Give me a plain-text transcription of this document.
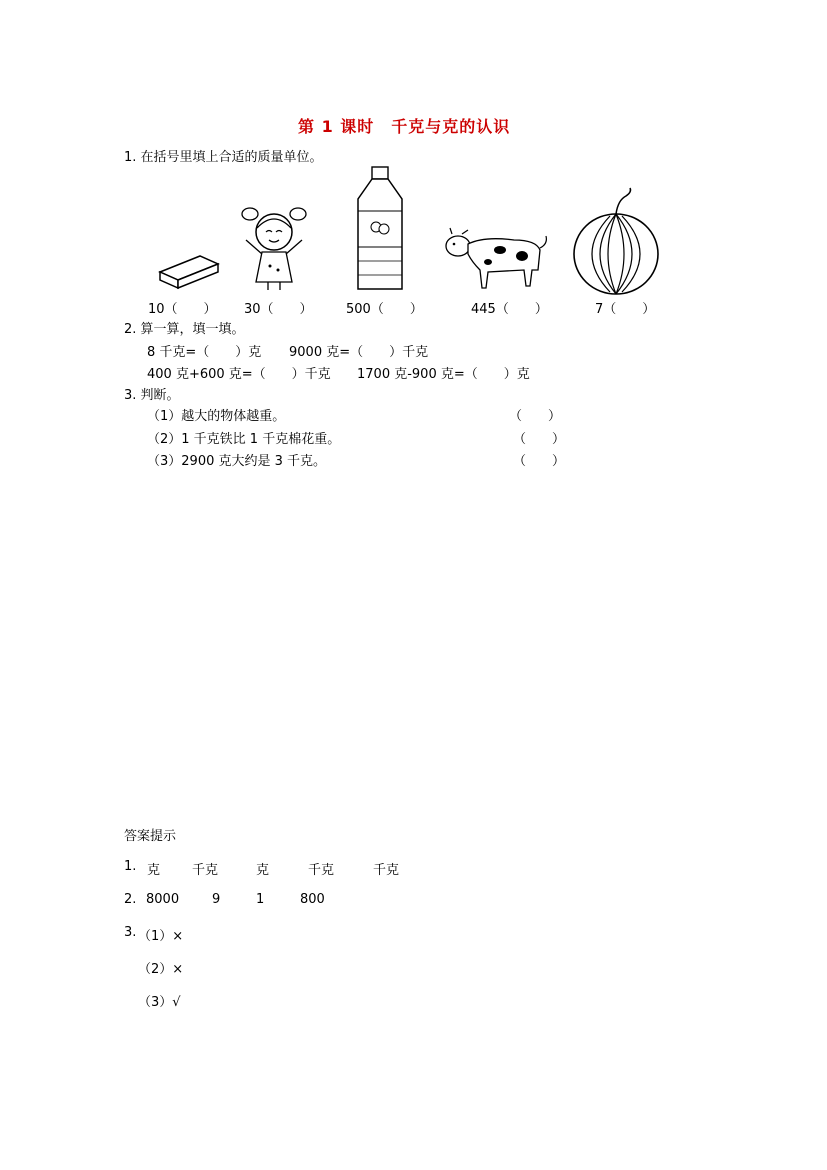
第 1 课时　千克与克的认识
1. 在括号里填上合适的质量单位。
10（　　） 30（　　）	500（　　）	445（　　）	7（　　）
2. 算一算，填一填。
8 千克=（　　）克 9000 克=（　　）千克
400 克+600 克=（　　）千克 1700 克-900 克=（　　）克
3. 判断。
（1）越大的物体越重。	（　　）
（2）1 千克铁比 1 千克棉花重。	（　　）
（3）2900 克大约是 3 千克。	（　　）
答案提示
1. 克 千克	克	千克	千克
2. 8000	9	1	800
3. （1）×
（2）×
（3）√
